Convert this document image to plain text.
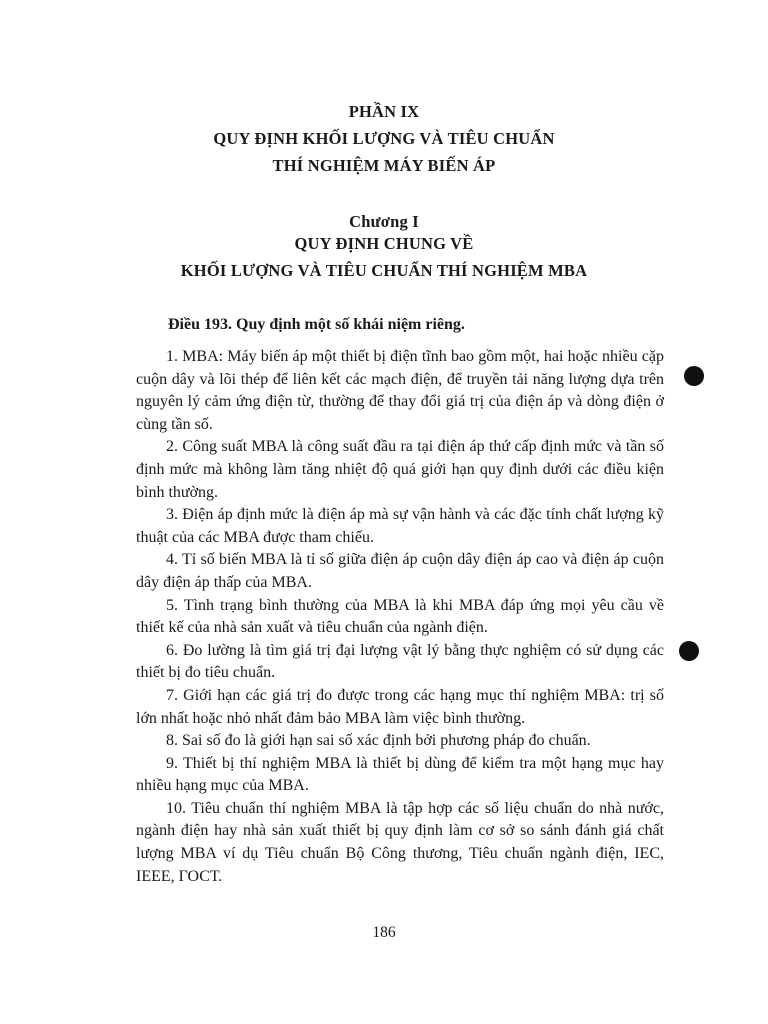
PHẦN IX
QUY ĐỊNH KHỐI LƯỢNG VÀ TIÊU CHUẨN
THÍ NGHIỆM MÁY BIẾN ÁP
Chương I
QUY ĐỊNH CHUNG VỀ
KHỐI LƯỢNG VÀ TIÊU CHUẨN THÍ NGHIỆM MBA
Điều 193. Quy định một số khái niệm riêng.

1. MBA: Máy biến áp một thiết bị điện tĩnh bao gồm một, hai hoặc nhiều cặp cuộn dây và lõi thép để liên kết các mạch điện, để truyền tải năng lượng dựa trên nguyên lý cảm ứng điện từ, thường để thay đổi giá trị của điện áp và dòng điện ở cùng tần số.

2. Công suất MBA là công suất đầu ra tại điện áp thứ cấp định mức và tần số định mức mà không làm tăng nhiệt độ quá giới hạn quy định dưới các điều kiện bình thường.

3. Điện áp định mức là điện áp mà sự vận hành và các đặc tính chất lượng kỹ thuật của các MBA được tham chiếu.

4. Tỉ số biến MBA là tỉ số giữa điện áp cuộn dây điện áp cao và điện áp cuộn dây điện áp thấp của MBA.

5. Tình trạng bình thường của MBA là khi MBA đáp ứng mọi yêu cầu về thiết kế của nhà sản xuất và tiêu chuẩn của ngành điện.

6. Đo lường là tìm giá trị đại lượng vật lý bằng thực nghiệm có sử dụng các thiết bị đo tiêu chuẩn.

7. Giới hạn các giá trị đo được trong các hạng mục thí nghiệm MBA: trị số lớn nhất hoặc nhỏ nhất đảm bảo MBA làm việc bình thường.

8. Sai số đo là giới hạn sai số xác định bởi phương pháp đo chuẩn.

9. Thiết bị thí nghiệm MBA là thiết bị dùng để kiểm tra một hạng mục hay nhiều hạng mục của MBA.

10. Tiêu chuẩn thí nghiệm MBA là tập hợp các số liệu chuẩn do nhà nước, ngành điện hay nhà sản xuất thiết bị quy định làm cơ sở so sánh đánh giá chất lượng MBA ví dụ Tiêu chuẩn Bộ Công thương, Tiêu chuẩn ngành điện, IEC, IEEE, ГОСТ.

186
